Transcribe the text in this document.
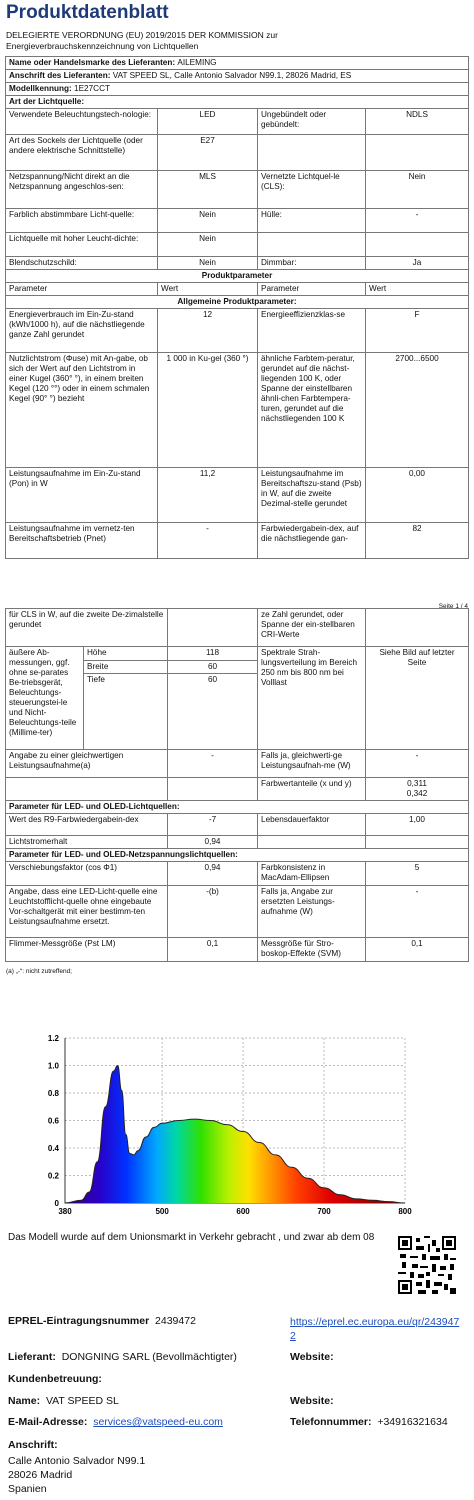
Produktdatenblatt
DELEGIERTE VERORDNUNG (EU) 2019/2015 DER KOMMISSION zur
Energieverbrauchskennzeichnung von Lichtquellen
Name oder Handelsmarke des Lieferanten: AILEMING			
Anschrift des Lieferanten: VAT SPEED SL, Calle Antonio Salvador N99.1, 28026 Madrid, ES			
Modellkennung: 1E27CCT			
Art der Lichtquelle:			
Verwendete Beleuchtungstech-nologie:	LED	Ungebündelt oder gebündelt:	NDLS
Art des Sockels der Lichtquelle (oder andere elektrische Schnittstelle)	E27		
Netzspannung/Nicht direkt an die Netzspannung angeschlos-sen:	MLS	Vernetzte Lichtquel-le (CLS):	Nein
Farblich abstimmbare Licht-quelle:	Nein	Hülle:	-
Lichtquelle mit hoher Leucht-dichte:	Nein		
Blendschutzschild:	Nein	Dimmbar:	Ja
Produktparameter			
Parameter	Wert	Parameter	Wert
Allgemeine Produktparameter:			
Energieverbrauch im Ein-Zu-stand (kWh/1000 h), auf die nächstliegende ganze Zahl gerundet	12	Energieeffizienzklas-se	F
Nutzlichtstrom (Φuse) mit An-gabe, ob sich der Wert auf den Lichtstrom in einer Kugel (360° °), in einem breiten Kegel (120 °°) oder in einem schmalen Kegel (90° °) bezieht	1 000 in Ku-gel (360 °)	ähnliche Farbtem-peratur, gerundet auf die nächst-liegenden 100 K, oder Spanne der einstellbaren ähnli-chen Farbtempera-turen, gerundet auf die nächstliegenden 100 K	2700...6500
Leistungsaufnahme im Ein-Zu-stand (Pon) in W	11,2	Leistungsaufnahme im Bereitschaftszu-stand (Psb) in W, auf die zweite Dezimal-stelle gerundet	0,00
Leistungsaufnahme im vernetz-ten Bereitschaftsbetrieb (Pnet)	-	Farbwiedergabein-dex, auf die nächstliegende gan-	82
Seite 1 / 4
für CLS in W, auf die zweite De-zimalstelle gerundet			ze Zahl gerundet, oder Spanne der ein-stellbaren CRI-Werte	
äußere Ab-messungen, ggf. ohne se-parates Be-triebsgerät, Beleuchtungs-steuerungstei-le und Nicht-Beleuchtungs-teile (Millime-ter)	Höhe	118	Spektrale Strah-lungsverteilung im Bereich 250 nm bis 800 nm bei Volllast	Siehe Bild auf letzter Seite
	Breite	60		
	Tiefe	60		
Angabe zu einer gleichwertigen Leistungsaufnahme(a)		-	Falls ja, gleichwerti-ge Leistungsaufnah-me (W)	-
			Farbwertanteile (x und y)	0,311
0,342

Parameter für LED- und OLED-Lichtquellen:				
Wert des R9-Farbwiedergabein-dex		-7	Lebensdauerfaktor	1,00
Lichtstromerhalt		0,94		
Parameter für LED- und OLED-Netzspannungslichtquellen:				
Verschiebungsfaktor (cos Φ1)		0,94	Farbkonsistenz in MacAdam-Ellipsen	5
Angabe, dass eine LED-Licht-quelle eine Leuchtstofflicht-quelle ohne eingebaute Vor-schaltgerät mit einer bestimm-ten Leistungsaufnahme ersetzt.		-(b)	Falls ja, Angabe zur ersetzten Leistungs-aufnahme (W)	-
Flimmer-Messgröße (Pst LM)		0,1	Messgröße für Stro-boskop-Effekte (SVM)	0,1
(a) „-“: nicht zutreffend;
0
0.2
0.4
0.6
0.8
1.0
1.2
380	500	600	700	800
Das Modell wurde auf dem Unionsmarkt in Verkehr gebracht , und zwar ab dem 08
EPREL-Eintragungsnummer 2439472	https://eprel.ec.europa.eu/qr/2439472
Lieferant: DONGNING SARL (Bevollmächtigter)	Website:
Kundenbetreuung:
Name: VAT SPEED SL	Website:
E-Mail-Adresse: services@vatspeed-eu.com	Telefonnummer: +34916321634
Anschrift:
Calle Antonio Salvador N99.1
28026 Madrid
Spanien
